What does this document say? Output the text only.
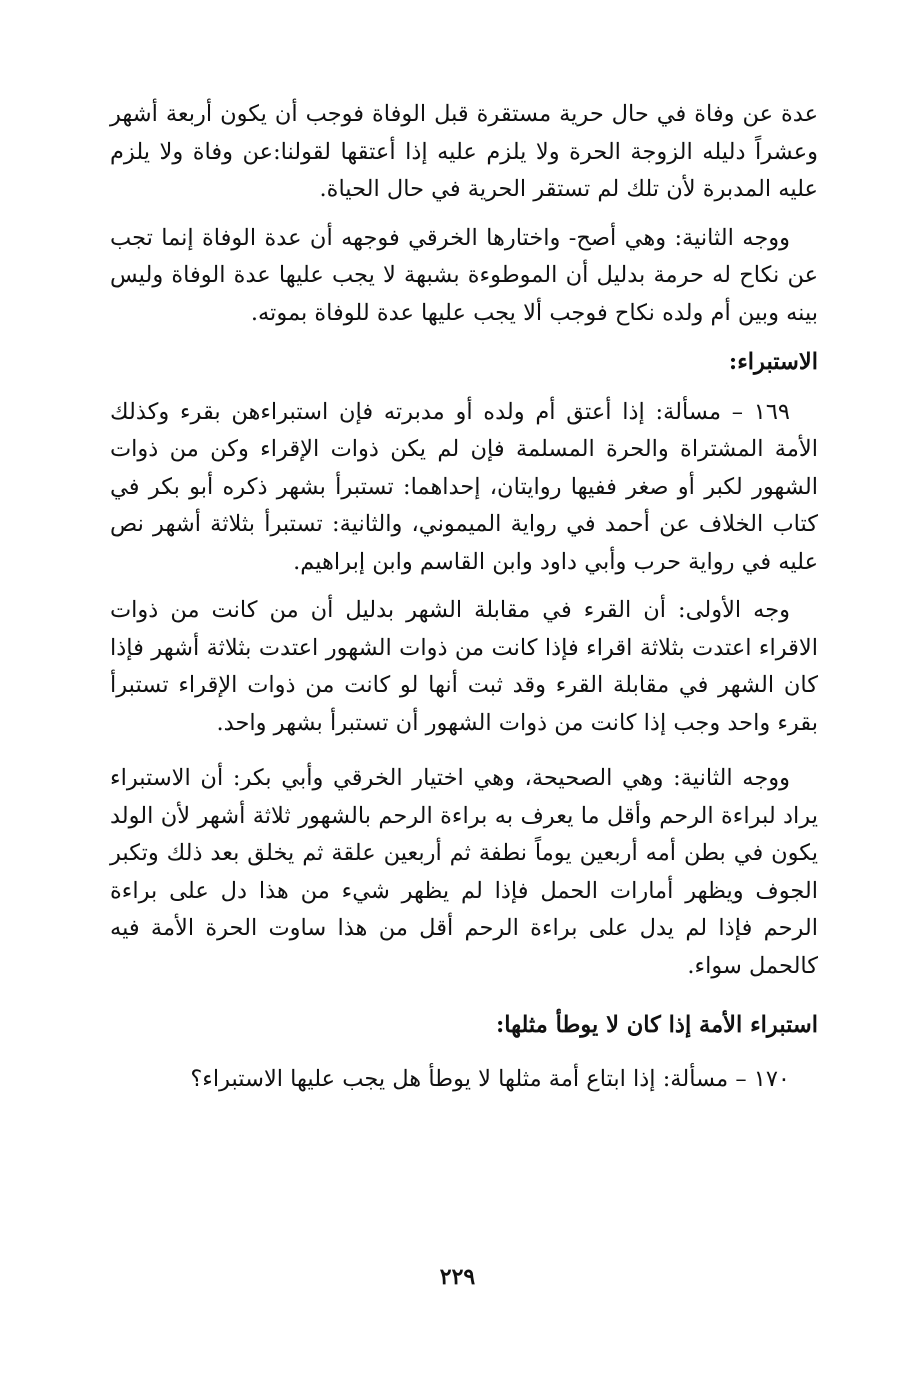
عدة عن وفاة في حال حرية مستقرة قبل الوفاة فوجب أن يكون أربعة أشهر وعشراً دليله الزوجة الحرة ولا يلزم عليه إذا أعتقها لقولنا:عن وفاة ولا يلزم عليه المدبرة لأن تلك لم تستقر الحرية في حال الحياة.

ووجه الثانية: وهي أصح- واختارها الخرقي فوجهه أن عدة الوفاة إنما تجب عن نكاح له حرمة بدليل أن الموطوءة بشبهة لا يجب عليها عدة الوفاة وليس بينه وبين أم ولده نكاح فوجب ألا يجب عليها عدة للوفاة بموته.

الاستبراء:

١٦٩ – مسألة: إذا أعتق أم ولده أو مدبرته فإن استبراءهن بقرء وكذلك الأمة المشتراة والحرة المسلمة فإن لم يكن ذوات الإقراء وكن من ذوات الشهور لكبر أو صغر ففيها روايتان، إحداهما: تستبرأ بشهر ذكره أبو بكر في كتاب الخلاف عن أحمد في رواية الميموني، والثانية: تستبرأ بثلاثة أشهر نص عليه في رواية حرب وأبي داود وابن القاسم وابن إبراهيم.

وجه الأولى: أن القرء في مقابلة الشهر بدليل أن من كانت من ذوات الاقراء اعتدت بثلاثة اقراء فإذا كانت من ذوات الشهور اعتدت بثلاثة أشهر فإذا كان الشهر في مقابلة القرء وقد ثبت أنها لو كانت من ذوات الإقراء تستبرأ بقرء واحد وجب إذا كانت من ذوات الشهور أن تستبرأ بشهر واحد.

ووجه الثانية: وهي الصحيحة، وهي اختيار الخرقي وأبي بكر: أن الاستبراء يراد لبراءة الرحم وأقل ما يعرف به براءة الرحم بالشهور ثلاثة أشهر لأن الولد يكون في بطن أمه أربعين يوماً نطفة ثم أربعين علقة ثم يخلق بعد ذلك وتكبر الجوف ويظهر أمارات الحمل فإذا لم يظهر شيء من هذا دل على براءة الرحم فإذا لم يدل على براءة الرحم أقل من هذا ساوت الحرة الأمة فيه كالحمل سواء.

استبراء الأمة إذا كان لا يوطأ مثلها:

١٧٠ – مسألة: إذا ابتاع أمة مثلها لا يوطأ هل يجب عليها الاستبراء؟

٢٢٩
